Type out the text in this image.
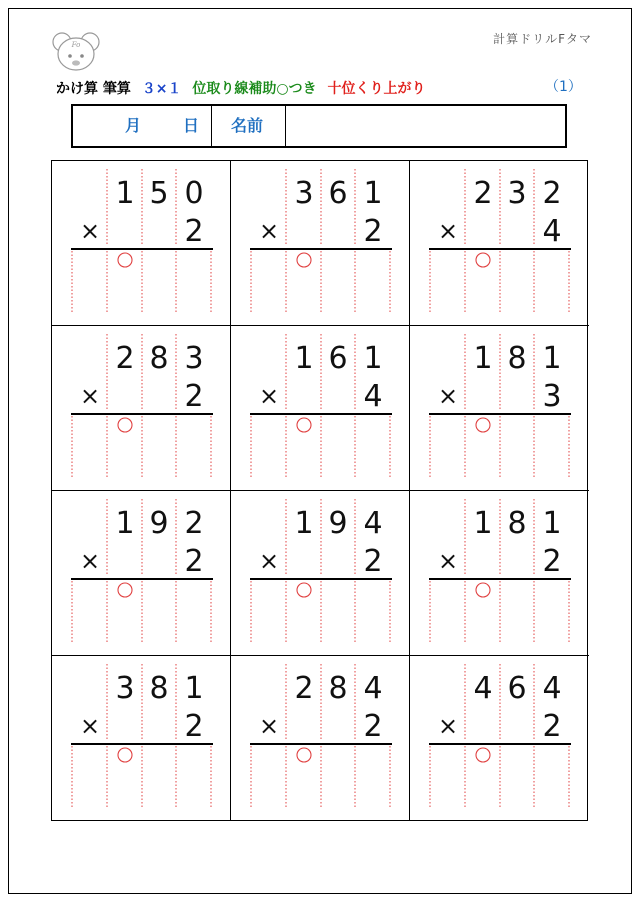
Fo	計算ドリルFタマ
かけ算 筆算 ３×１ 位取り線補助○つき 十位くり上がり	（1）
月	日 名前
1 5 0
×	2
3 6 1
×	2
2 3 2
×	4
2 8 3
×	2
1 6 1
×	4
1 8 1
×	3
1 9 2
×	2
1 9 4
×	2
1 8 1
×	2
3 8 1
×	2
2 8 4
×	2
4 6 4
×	2
